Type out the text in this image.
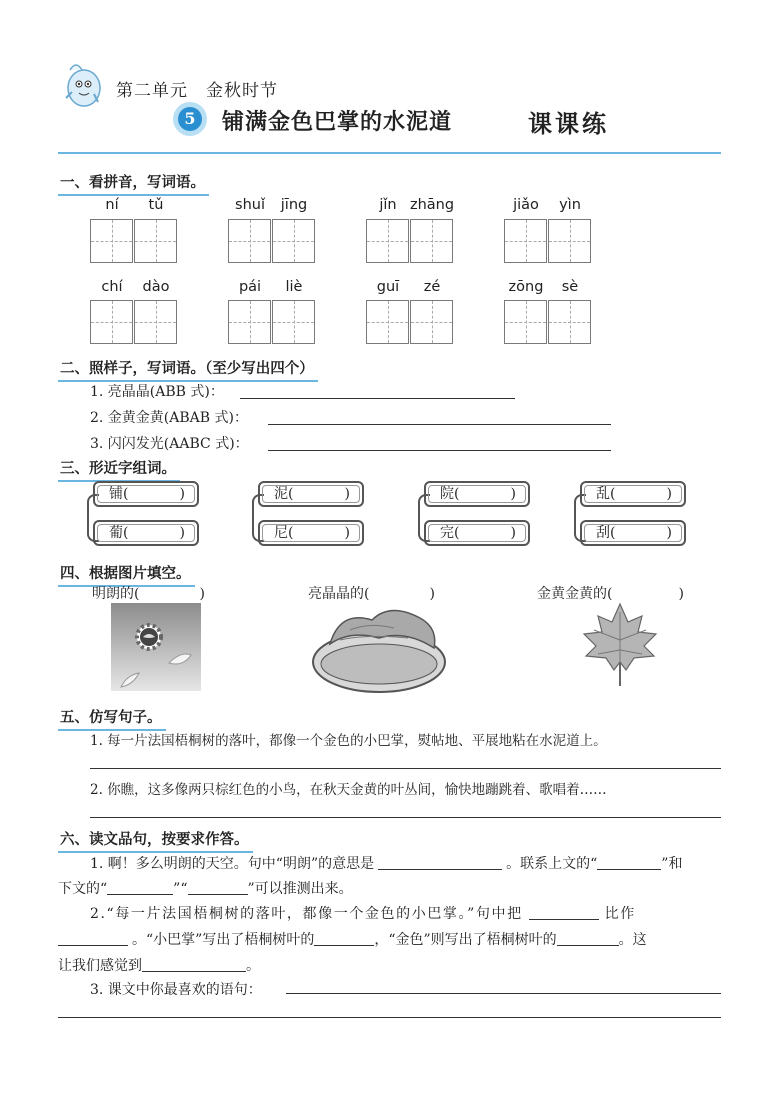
第二单元 金秋时节
5 铺满金色巴掌的水泥道	课课练
一、看拼音，写词语。
ní	tǔ	shuǐ	jīng	jǐn zhāng	jiǎo	yìn
chí	dào	pái	liè	guī	zé	zōng	sè
二、照样子，写词语。（至少写出四个）
1. 亮晶晶(ABB 式)：
2. 金黄金黄(ABAB 式)：
3. 闪闪发光(AABC 式)：
三、形近字组词。
铺(	)
葡(	)
泥(	)
尼(	)
院(	)
完(	)
乱(	)
刮(	)
四、根据图片填空。
明朗的(	)	亮晶晶的(	)	金黄金黄的(	)
五、仿写句子。
1. 每一片法国梧桐树的落叶，都像一个金色的小巴掌，熨帖地、平展地粘在水泥道上。
2. 你瞧，这多像两只棕红色的小鸟，在秋天金黄的叶丛间，愉快地蹦跳着、歌唱着……
六、读文品句，按要求作答。
1. 啊！多么明朗的天空。句中“明朗”的意思是	。联系上文的“	”和
下文的“	”“	”可以推测出来。
2.“每一片法国梧桐树的落叶，都像一个金色的小巴掌。”句中把	比作
。“小巴掌”写出了梧桐树叶的	，“金色”则写出了梧桐树叶的	。这
让我们感觉到	。
3. 课文中你最喜欢的语句：
